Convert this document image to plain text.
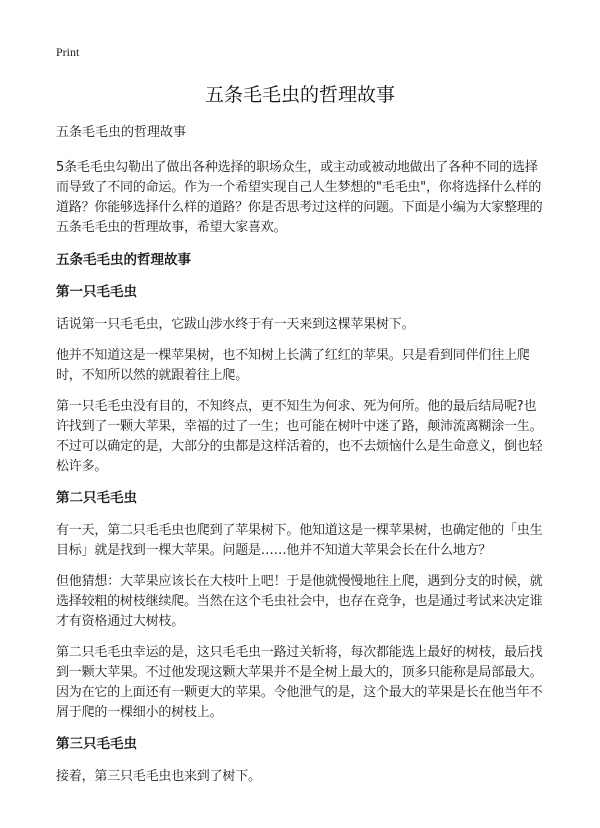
Print
五条毛毛虫的哲理故事
五条毛毛虫的哲理故事

5条毛毛虫勾勒出了做出各种选择的职场众生，或主动或被动地做出了各种不同的选择而导致了不同的命运。作为一个希望实现自己人生梦想的"毛毛虫"，你将选择什么样的道路？你能够选择什么样的道路？你是否思考过这样的问题。下面是小编为大家整理的五条毛毛虫的哲理故事，希望大家喜欢。

五条毛毛虫的哲理故事
第一只毛毛虫

话说第一只毛毛虫，它跋山涉水终于有一天来到这棵苹果树下。

他并不知道这是一棵苹果树，也不知树上长满了红红的苹果。只是看到同伴们往上爬时，不知所以然的就跟着往上爬。

第一只毛毛虫没有目的，不知终点，更不知生为何求、死为何所。他的最后结局呢?也许找到了一颗大苹果，幸福的过了一生；也可能在树叶中迷了路，颠沛流离糊涂一生。不过可以确定的是，大部分的虫都是这样活着的，也不去烦恼什么是生命意义，倒也轻松许多。

第二只毛毛虫

有一天，第二只毛毛虫也爬到了苹果树下。他知道这是一棵苹果树，也确定他的「虫生目标」就是找到一棵大苹果。问题是……他并不知道大苹果会长在什么地方？

但他猜想：大苹果应该长在大枝叶上吧！于是他就慢慢地往上爬，遇到分支的时候，就选择较粗的树枝继续爬。当然在这个毛虫社会中，也存在竞争，也是通过考试来决定谁才有资格通过大树枝。

第二只毛毛虫幸运的是，这只毛毛虫一路过关斩将，每次都能选上最好的树枝，最后找到一颗大苹果。不过他发现这颗大苹果并不是全树上最大的，顶多只能称是局部最大。因为在它的上面还有一颗更大的苹果。令他泄气的是，这个最大的苹果是长在他当年不屑于爬的一棵细小的树枝上。

第三只毛毛虫

接着，第三只毛毛虫也来到了树下。
